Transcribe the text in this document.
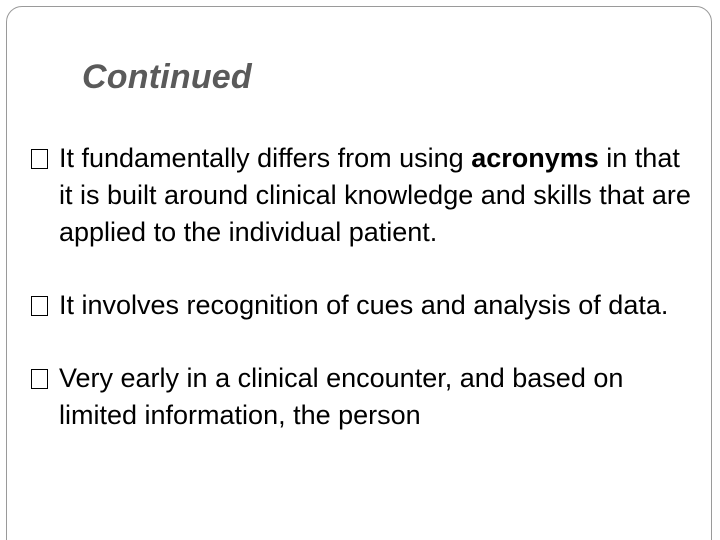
Continued
It fundamentally differs from using acronyms in that it is built around clinical knowledge and skills that are applied to the individual patient.
It involves recognition of cues and analysis of data.
Very early in a clinical encounter, and based on limited information, the person
